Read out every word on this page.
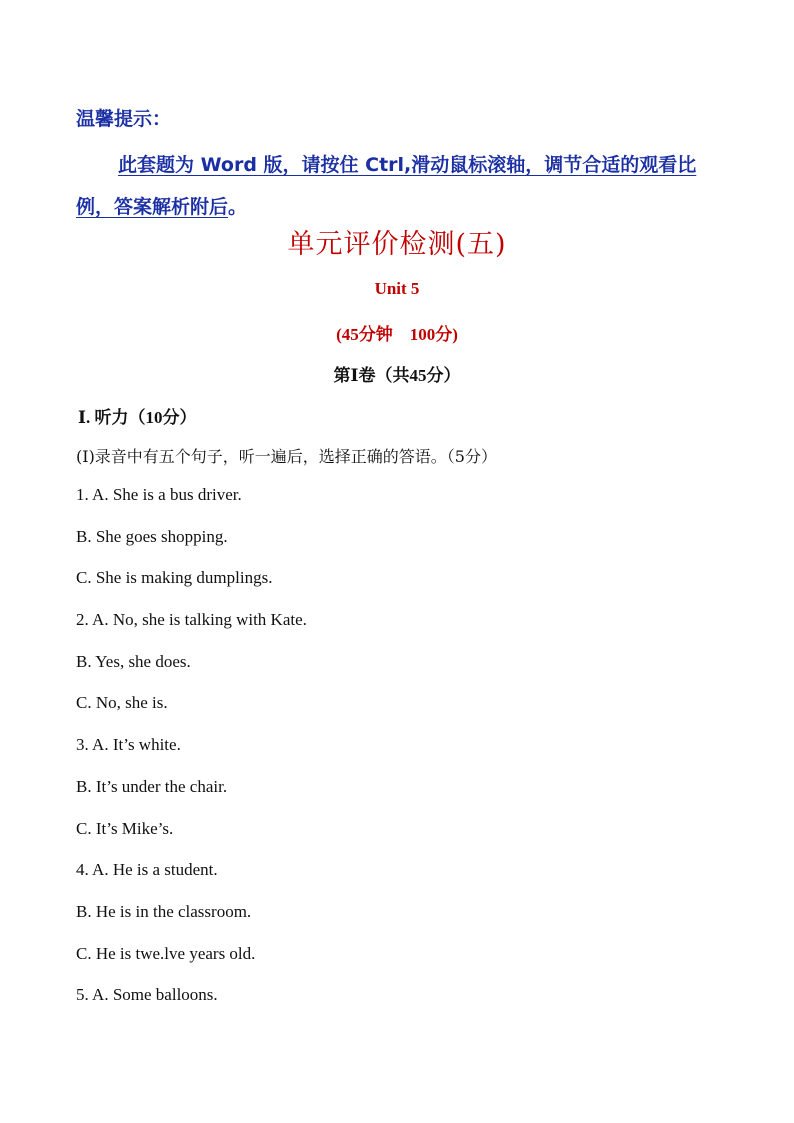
温馨提示：
此套题为 Word 版，请按住 Ctrl,滑动鼠标滚轴，调节合适的观看比例，答案解析附后。
单元评价检测(五)
Unit 5
(45分钟　100分)
第Ⅰ卷（共45分）
Ⅰ. 听力（10分）
(Ⅰ)录音中有五个句子，听一遍后，选择正确的答语。（5分）
1. A. She is a bus driver.
B. She goes shopping.
C. She is making dumplings.
2. A. No, she is talking with Kate.
B. Yes, she does.
C. No, she is.
3. A. It’s white.
B. It’s under the chair.
C. It’s Mike’s.
4. A. He is a student.
B. He is in the classroom.
C. He is twe.lve years old.
5. A. Some balloons.
